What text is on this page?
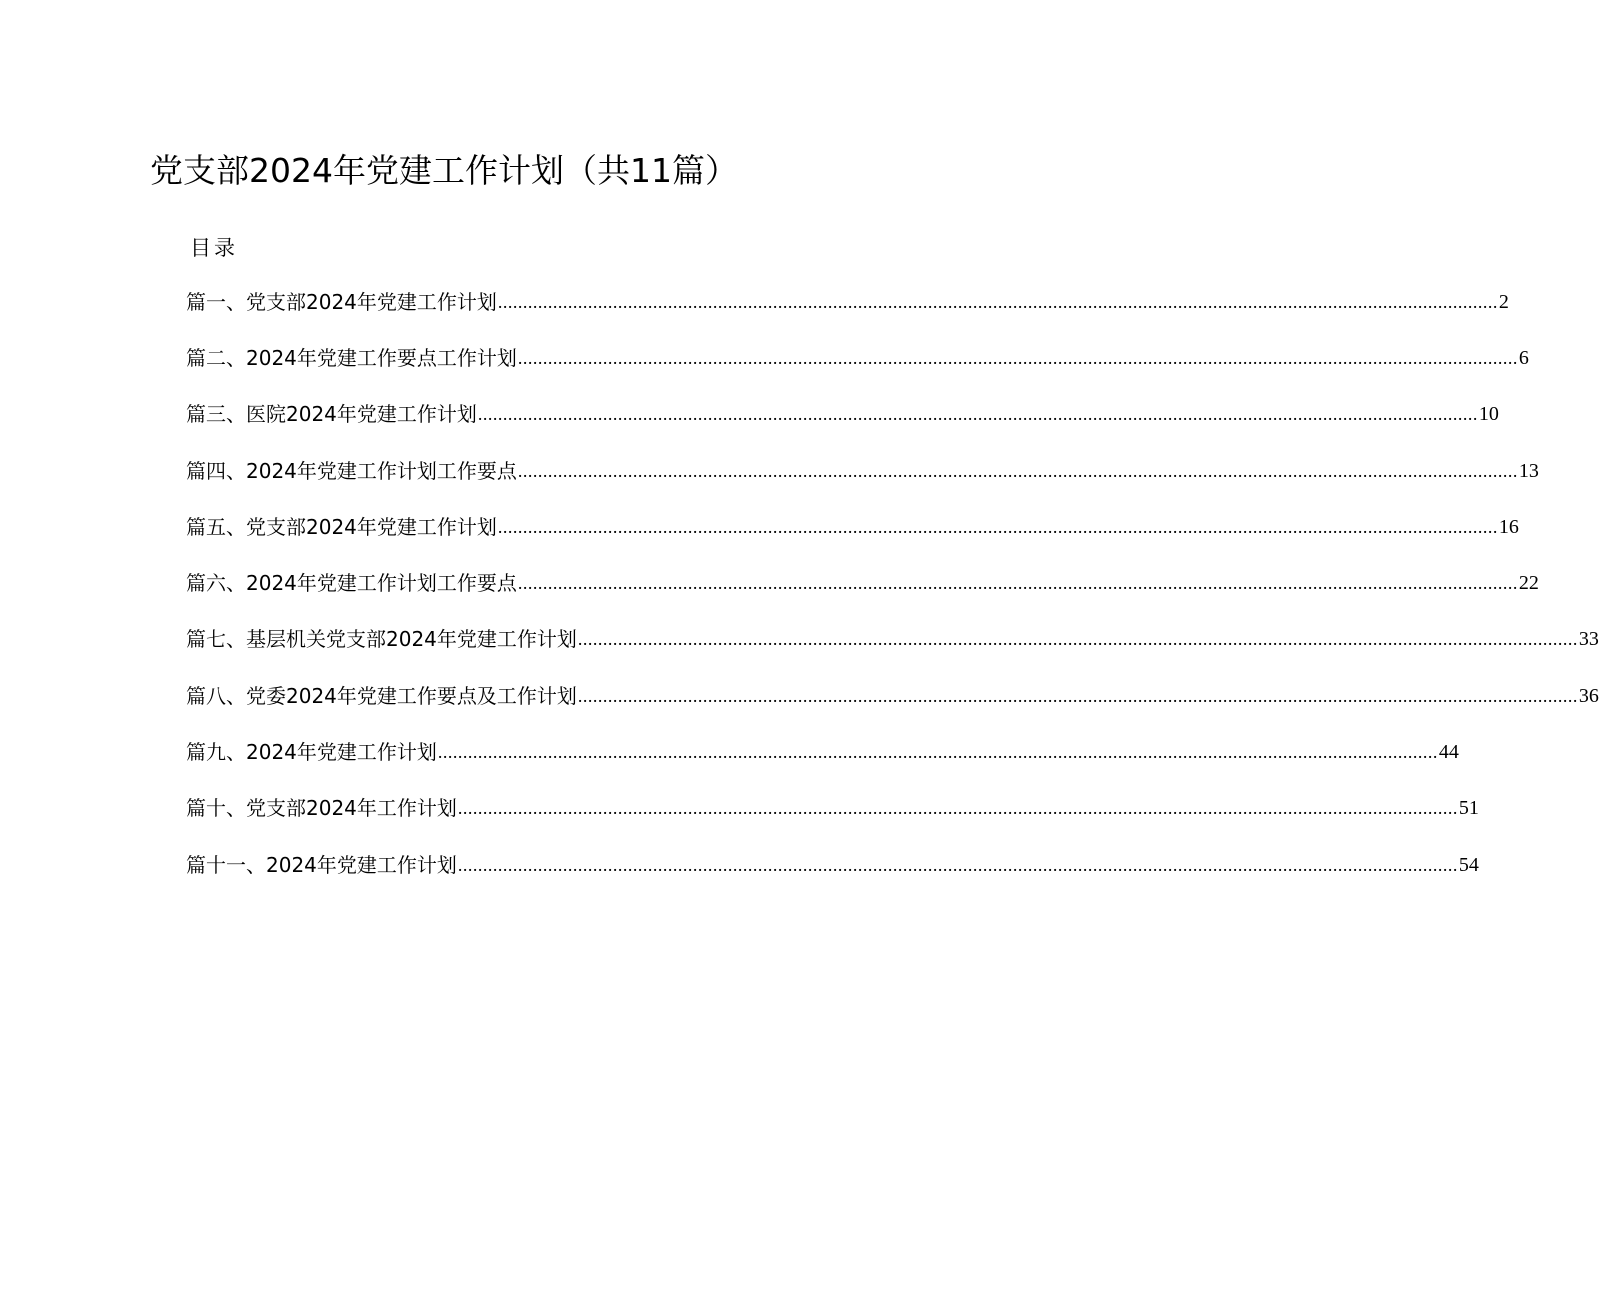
党支部2024年党建工作计划（共11篇）
目录
篇一、党支部2024年党建工作计划 ........................................................................................................................................................................................................ 2
篇二、2024年党建工作要点工作计划 ........................................................................................................................................................................................................ 6
篇三、医院2024年党建工作计划 ........................................................................................................................................................................................................ 10
篇四、2024年党建工作计划工作要点 ........................................................................................................................................................................................................ 13
篇五、党支部2024年党建工作计划 ........................................................................................................................................................................................................ 16
篇六、2024年党建工作计划工作要点 ........................................................................................................................................................................................................ 22
篇七、基层机关党支部2024年党建工作计划 ........................................................................................................................................................................................................ 33
篇八、党委2024年党建工作要点及工作计划 ........................................................................................................................................................................................................ 36
篇九、2024年党建工作计划 ........................................................................................................................................................................................................ 44
篇十、党支部2024年工作计划 ........................................................................................................................................................................................................ 51
篇十一、2024年党建工作计划 ........................................................................................................................................................................................................ 54
